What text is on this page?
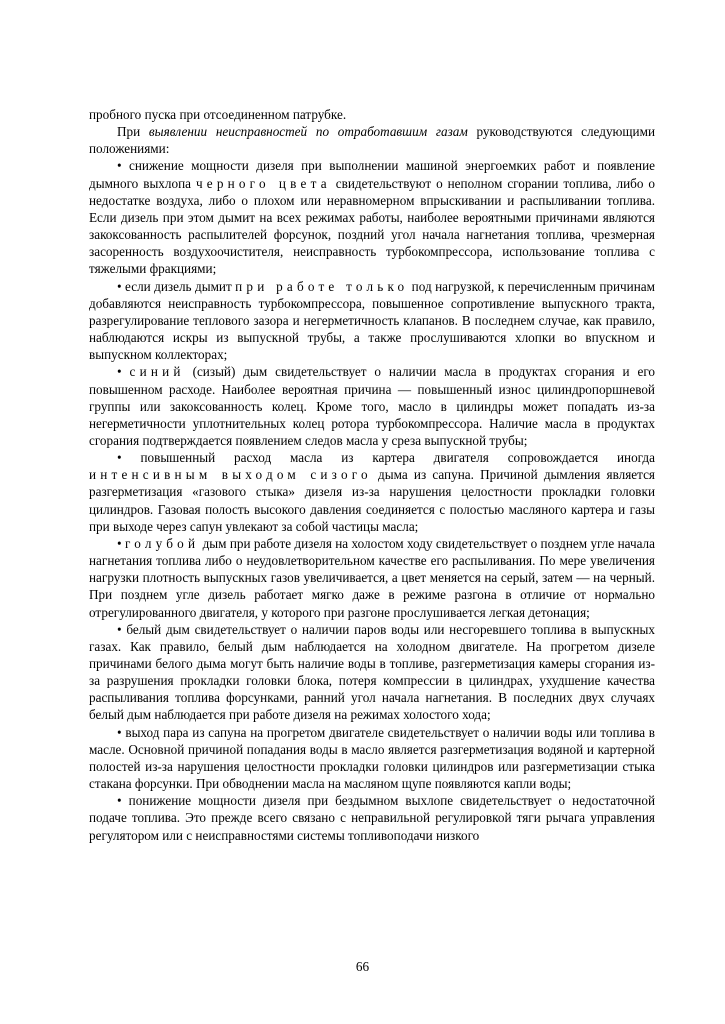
пробного пуска при отсоединенном патрубке.

При выявлении неисправностей по отработавшим газам руководствуются следующими положениями:

• снижение мощности дизеля при выполнении машиной энергоемких работ и появление дымного выхлопа черного цвета свидетельствуют о неполном сгорании топлива, либо о недостатке воздуха, либо о плохом или неравномерном впрыскивании и распыливании топлива. Если дизель при этом дымит на всех режимах работы, наиболее вероятными причинами являются закоксованность распылителей форсунок, поздний угол начала нагнетания топлива, чрезмерная засоренность воздухоочистителя, неисправность турбокомпрессора, использование топлива с тяжелыми фракциями;

• если дизель дымит при работе только под нагрузкой, к перечисленным причинам добавляются неисправность турбокомпрессора, повышенное сопротивление выпускного тракта, разрегулирование теплового зазора и негерметичность клапанов. В последнем случае, как правило, наблюдаются искры из выпускной трубы, а также прослушиваются хлопки во впускном и выпускном коллекторах;

• синий (сизый) дым свидетельствует о наличии масла в продуктах сгорания и его повышенном расходе. Наиболее вероятная причина — повышенный износ цилиндропоршневой группы или закоксованность колец. Кроме того, масло в цилиндры может попадать из-за негерметичности уплотнительных колец ротора турбокомпрессора. Наличие масла в продуктах сгорания подтверждается появлением следов масла у среза выпускной трубы;

• повышенный расход масла из картера двигателя сопровождается иногда интенсивным выходом сизого дыма из сапуна. Причиной дымления является разгерметизация «газового стыка» дизеля из-за нарушения целостности прокладки головки цилиндров. Газовая полость высокого давления соединяется с полостью масляного картера и газы при выходе через сапун увлекают за собой частицы масла;

• голубой дым при работе дизеля на холостом ходу свидетельствует о позднем угле начала нагнетания топлива либо о неудовлетворительном качестве его распыливания. По мере увеличения нагрузки плотность выпускных газов увеличивается, а цвет меняется на серый, затем — на черный. При позднем угле дизель работает мягко даже в режиме разгона в отличие от нормально отрегулированного двигателя, у которого при разгоне прослушивается легкая детонация;

• белый дым свидетельствует о наличии паров воды или несгоревшего топлива в выпускных газах. Как правило, белый дым наблюдается на холодном двигателе. На прогретом дизеле причинами белого дыма могут быть наличие воды в топливе, разгерметизация камеры сгорания из-за разрушения прокладки головки блока, потеря компрессии в цилиндрах, ухудшение качества распыливания топлива форсунками, ранний угол начала нагнетания. В последних двух случаях белый дым наблюдается при работе дизеля на режимах холостого хода;

• выход пара из сапуна на прогретом двигателе свидетельствует о наличии воды или топлива в масле. Основной причиной попадания воды в масло является разгерметизация водяной и картерной полостей из-за нарушения целостности прокладки головки цилиндров или разгерметизации стыка стакана форсунки. При обводнении масла на масляном щупе появляются капли воды;

• понижение мощности дизеля при бездымном выхлопе свидетельствует о недостаточной подаче топлива. Это прежде всего связано с неправильной регулировкой тяги рычага управления регулятором или с неисправностями системы топливоподачи низкого

66
